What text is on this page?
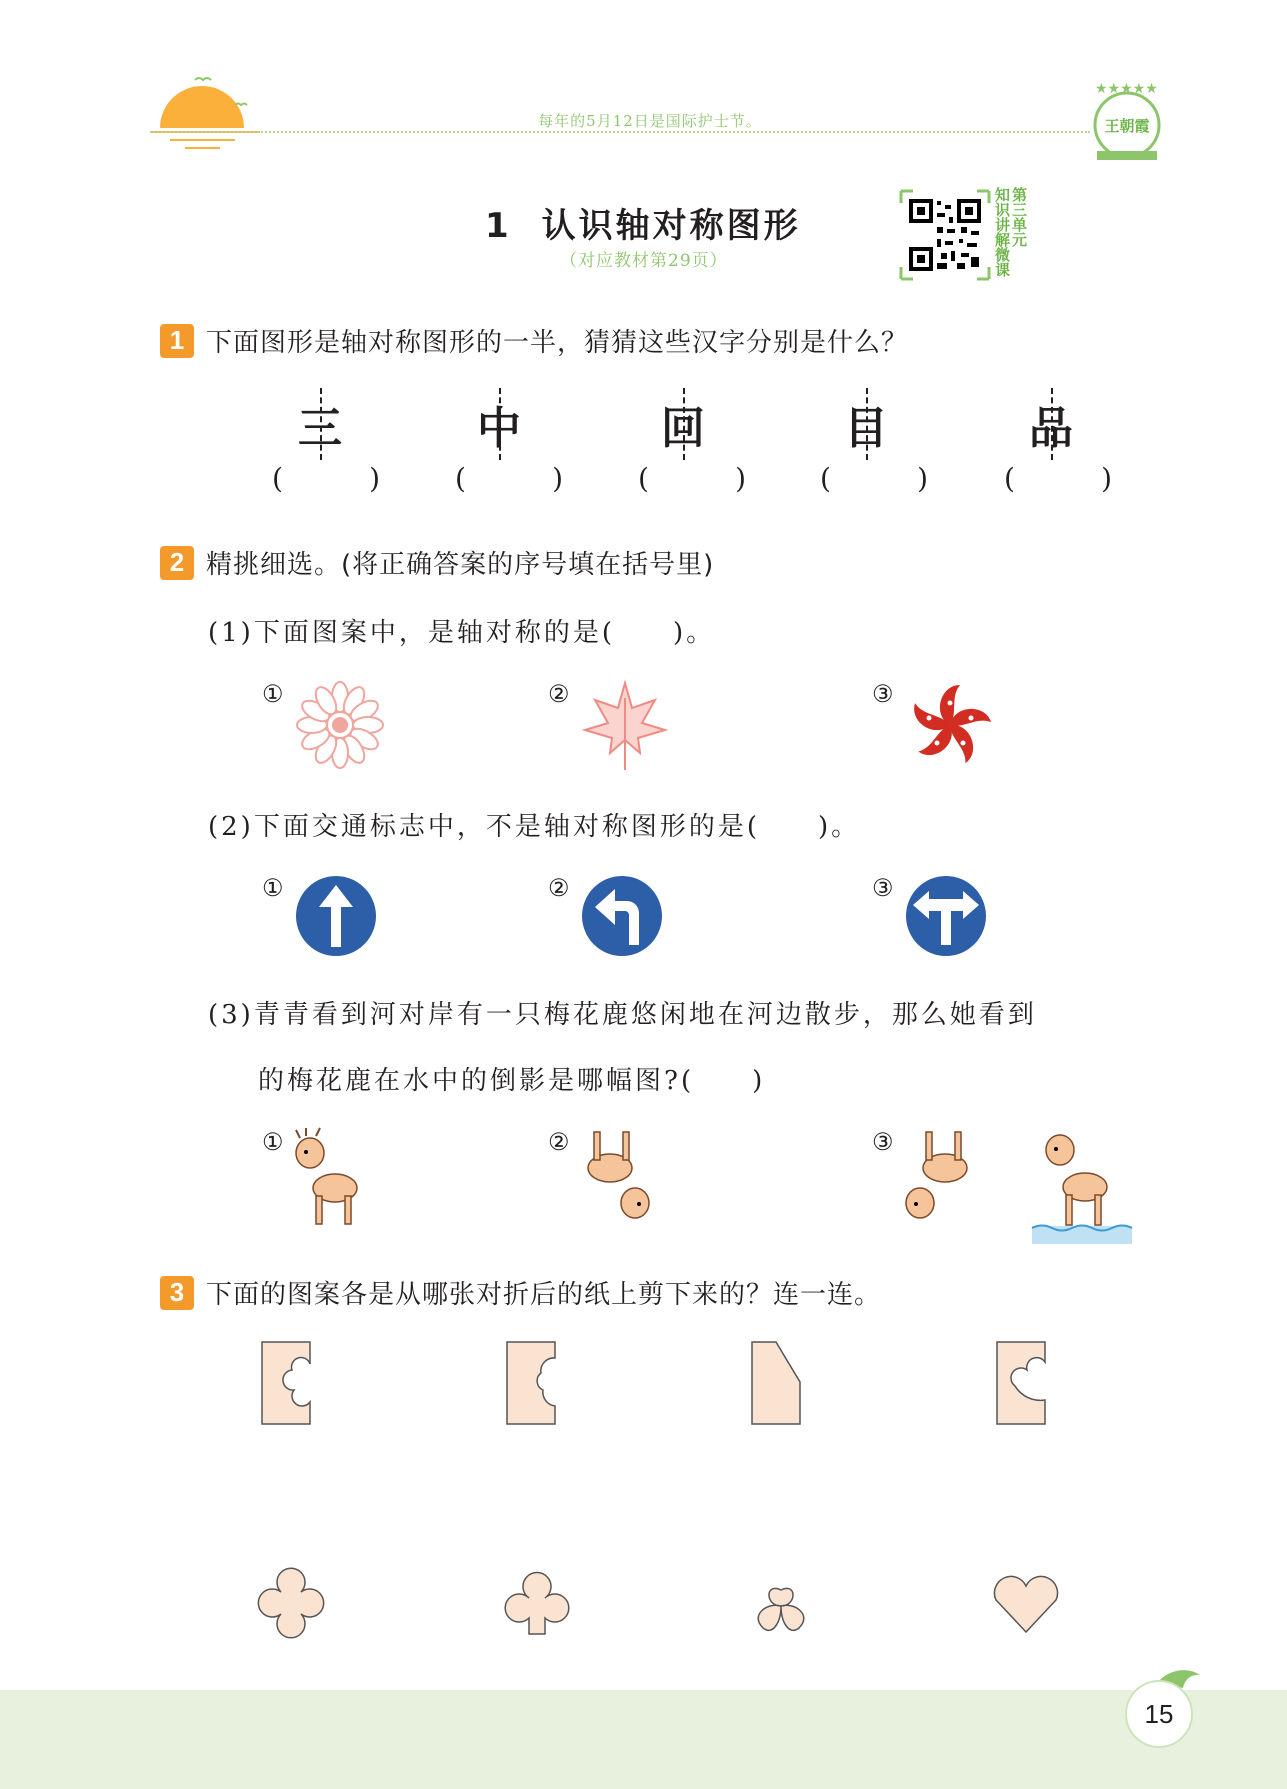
每年的5月12日是国际护士节。
★★★★★
王朝霞
1 认识轴对称图形
（对应教材第29页）
知
识
讲
解
微
课
第
三
单
元
1 下面图形是轴对称图形的一半，猜猜这些汉字分别是什么？
三
(	)
中
(	)
回
(	)
目
(	)
品
(	)
2 精挑细选。(将正确答案的序号填在括号里)
(1)下面图案中，是轴对称的是(　　)。
①	②	③
(2)下面交通标志中，不是轴对称图形的是(　　)。
①	②	③
(3)青青看到河对岸有一只梅花鹿悠闲地在河边散步，那么她看到
的梅花鹿在水中的倒影是哪幅图?(　　)
①	②	③
3 下面的图案各是从哪张对折后的纸上剪下来的？连一连。
15
